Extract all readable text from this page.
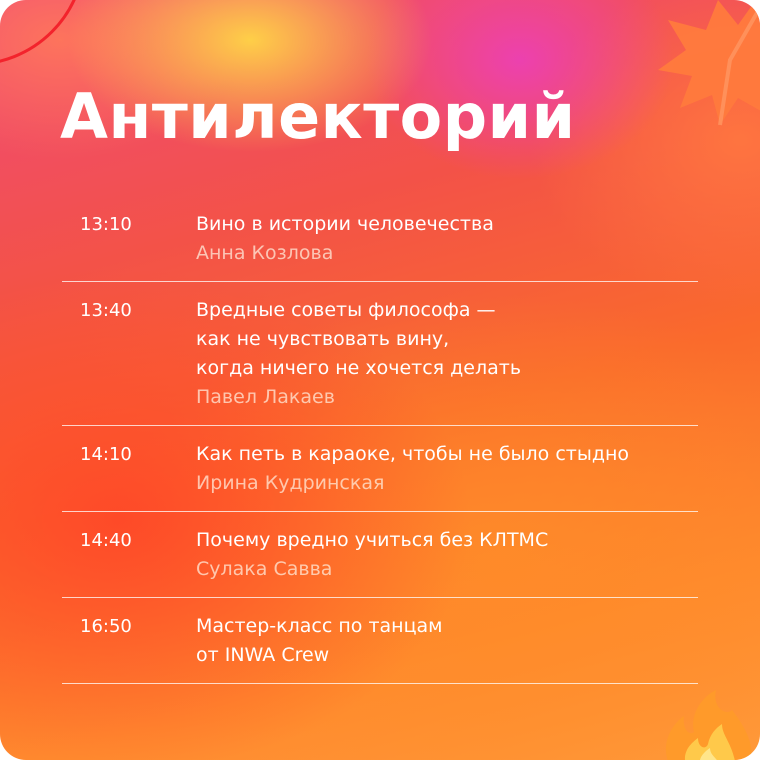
Антилекторий
13:10	Вино в истории человечества
Анна Козлова
13:40	Вредные советы философа —
как не чувствовать вину,
когда ничего не хочется делать
Павел Лакаев
14:10	Как петь в караоке, чтобы не было стыдно
Ирина Кудринская
14:40	Почему вредно учиться без КЛТМС
Сулака Савва
16:50	Мастер-класс по танцам
от INWA Crew
